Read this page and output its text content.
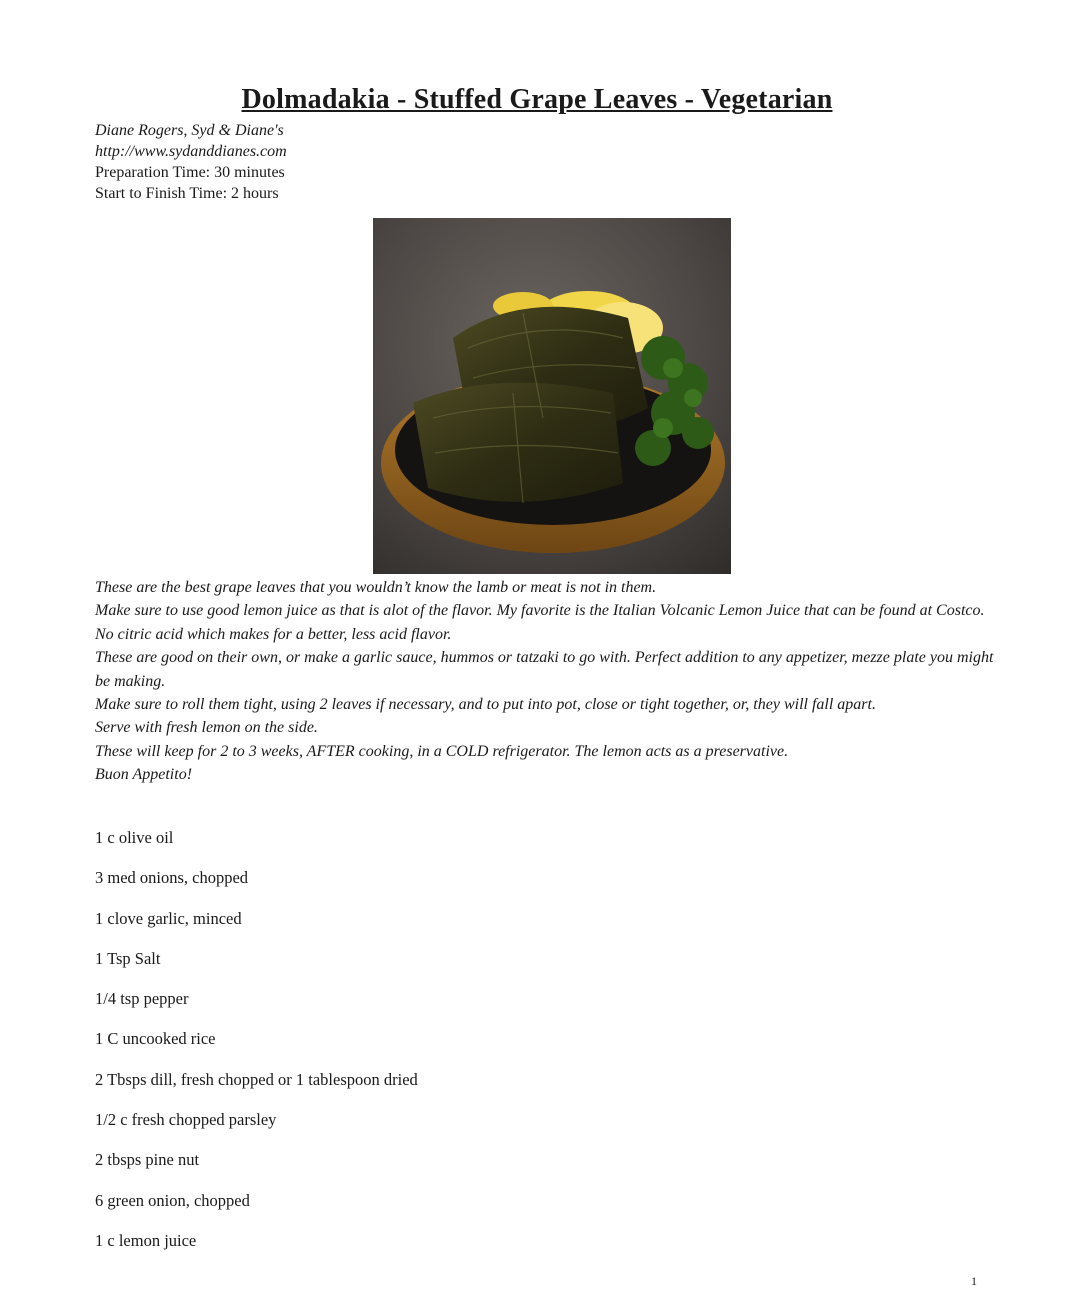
Dolmadakia - Stuffed Grape Leaves - Vegetarian
Diane Rogers, Syd & Diane's
http://www.sydanddianes.com
Preparation Time: 30 minutes
Start to Finish Time: 2 hours
These are the best grape leaves that you wouldn’t know the lamb or meat is not in them.
Make sure to use good lemon juice as that is alot of the flavor. My favorite is the Italian Volcanic Lemon Juice that can be found at Costco. No citric acid which makes for a better, less acid flavor.
These are good on their own, or make a garlic sauce, hummos or tatzaki to go with. Perfect addition to any appetizer, mezze plate you might be making.
Make sure to roll them tight, using 2 leaves if necessary, and to put into pot, close or tight together, or, they will fall apart.
Serve with fresh lemon on the side.
These will keep for 2 to 3 weeks, AFTER cooking, in a COLD refrigerator. The lemon acts as a preservative.
Buon Appetito!
1 c olive oil
3 med onions, chopped
1 clove garlic, minced
1 Tsp Salt
1/4 tsp pepper
1 C uncooked rice
2 Tbsps dill, fresh chopped or 1 tablespoon dried
1/2 c fresh chopped parsley
2 tbsps pine nut
6 green onion, chopped
1 c lemon juice
1
